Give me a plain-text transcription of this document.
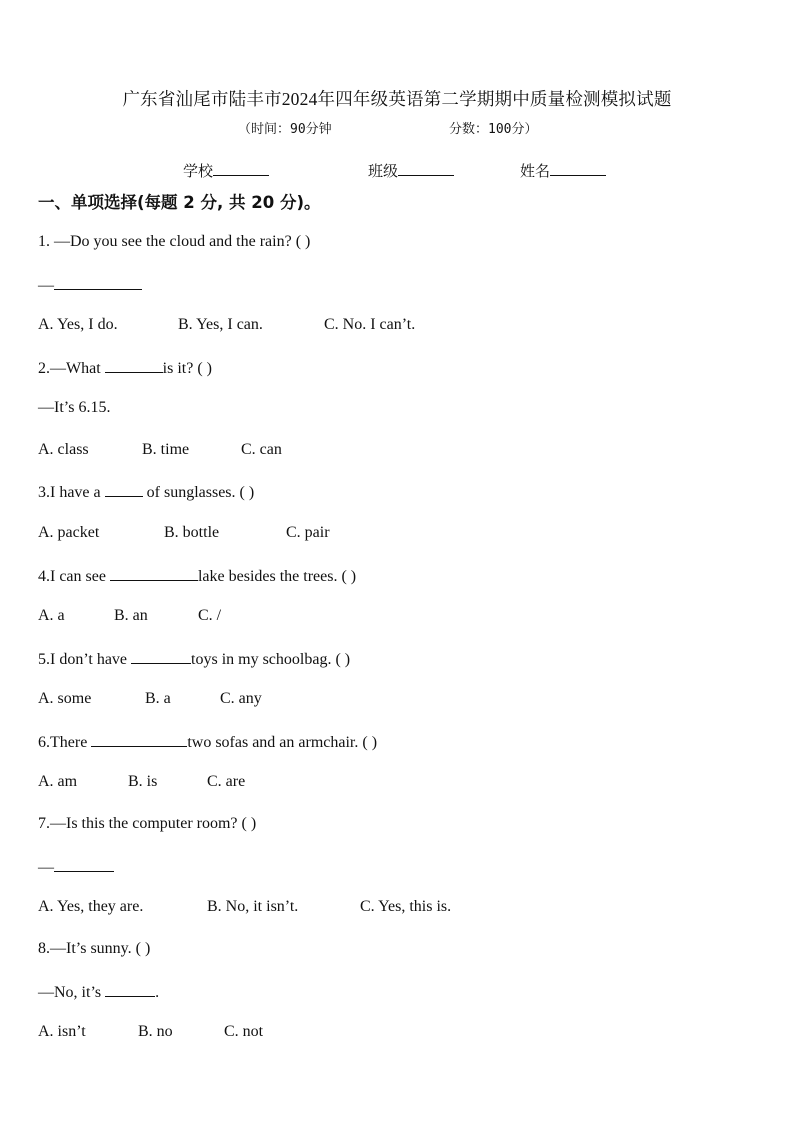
广东省汕尾市陆丰市2024年四年级英语第二学期期中质量检测模拟试题
（时间：90分钟	分数：100分）
学校	班级	姓名
一、单项选择(每题 2 分, 共 20 分)。
1. —Do you see the cloud and the rain? ( )
—
A. Yes, I do.	B. Yes, I can.	C. No. I can’t.
2.—What	is it? ( )
—It’s 6.15.
A. class	B. time	C. can
3.I have a  of sunglasses. ( )
A. packet	B. bottle	C. pair
4.I can see	lake besides the trees. ( )
A. a	B. an	C. /
5.I don’t have	toys in my schoolbag. ( )
A. some	B. a	C. any
6.There	two sofas and an armchair. ( )
A. am	B. is	C. are
7.—Is this the computer room? ( )
—
A. Yes, they are.	B. No, it isn’t.	C. Yes, this is.
8.—It’s sunny. ( )
—No, it’s	.
A. isn’t	B. no	C. not
